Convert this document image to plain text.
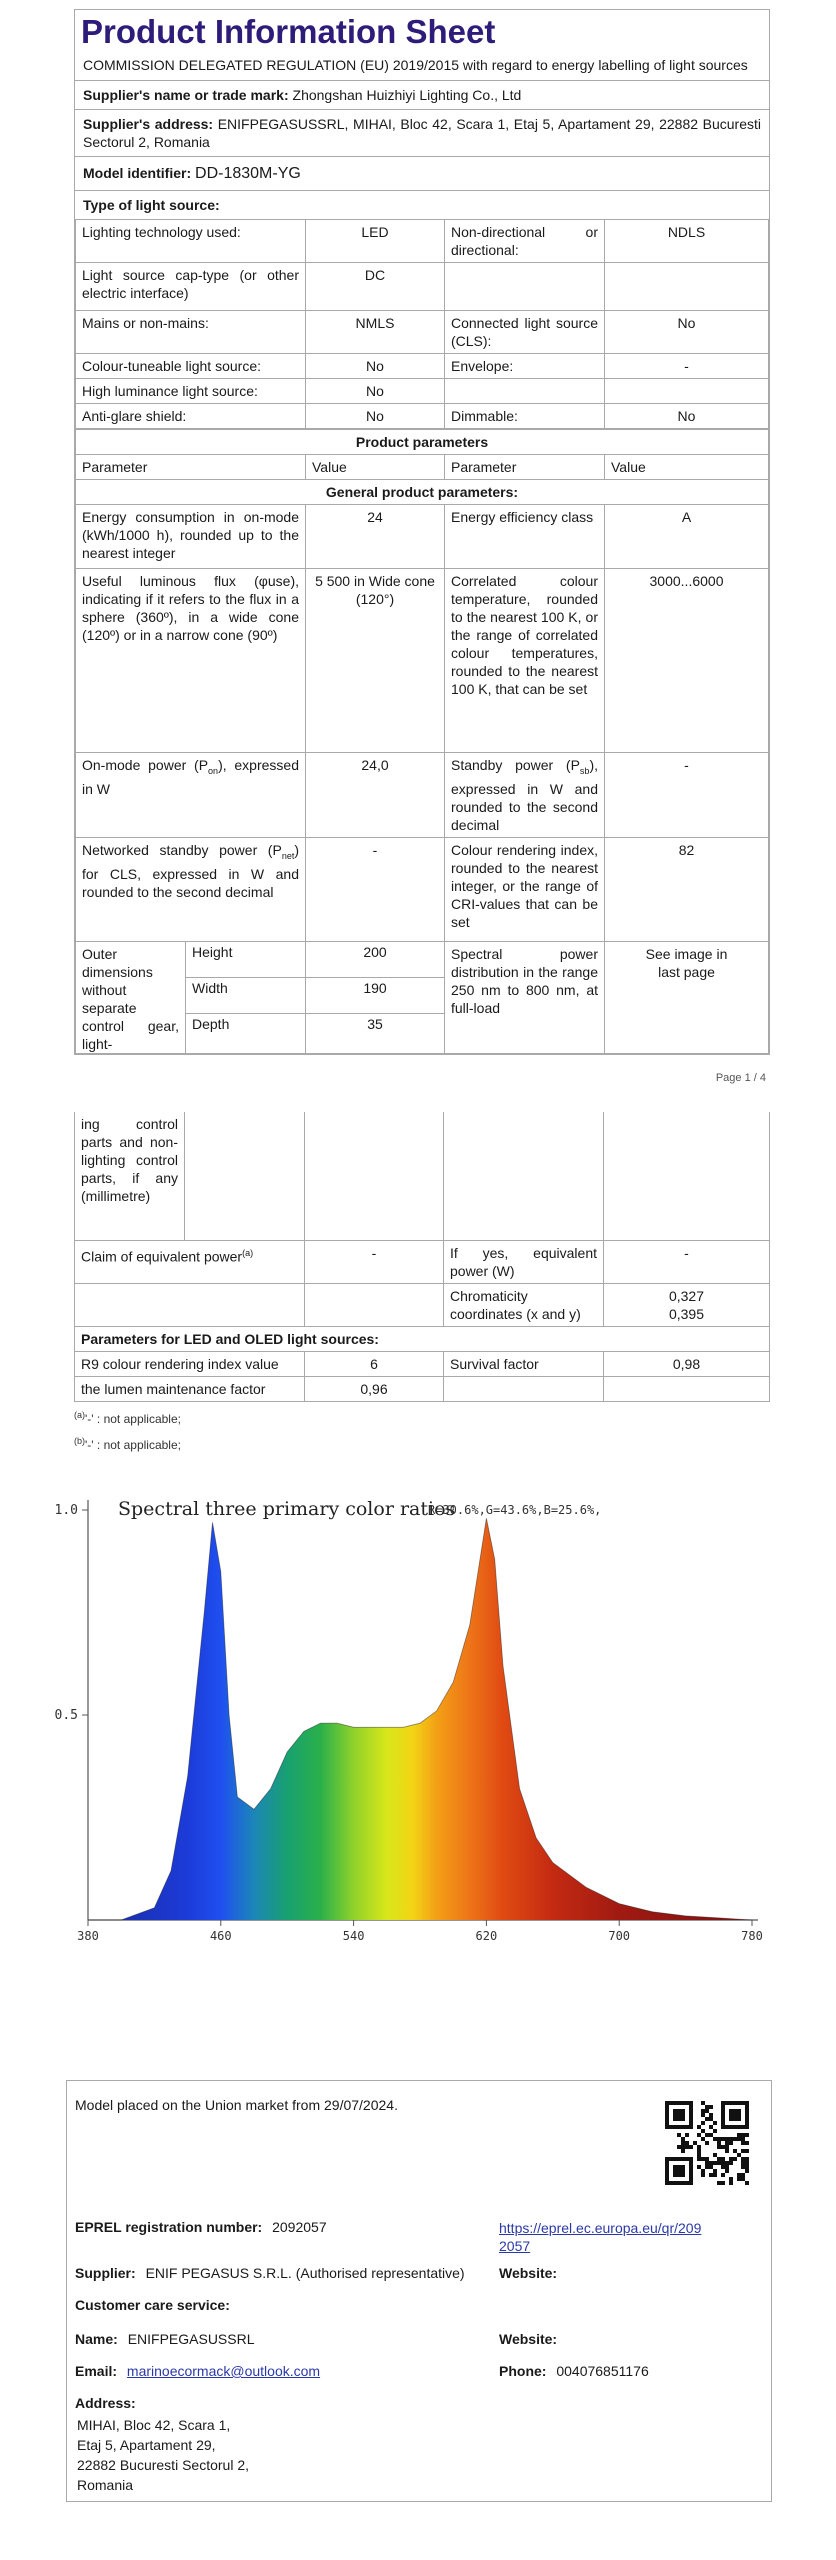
Product Information Sheet
COMMISSION DELEGATED REGULATION (EU) 2019/2015 with regard to energy labelling of light sources
Supplier's name or trade mark: Zhongshan Huizhiyi Lighting Co., Ltd
Supplier's address: ENIFPEGASUSSRL, MIHAI, Bloc 42, Scara 1, Etaj 5, Apartament 29, 22882 Bucuresti Sectorul 2, Romania
Model identifier: DD-1830M-YG
Type of light source:
Lighting technology used:	LED	Non-directional or directional:	NDLS
Light source cap-type (or other electric interface)	DC		
Mains or non-mains:	NMLS	Connected light source (CLS):	No
Colour-tuneable light source:	No	Envelope:	-
High luminance light source:	No		
Anti-glare shield:	No	Dimmable:	No
Product parameters				
Parameter		Value	Parameter	Value
General product parameters:				
Energy consumption in on-mode (kWh/1000 h), rounded up to the nearest integer		24	Energy efficiency class	A
Useful luminous flux (φuse), indicating if it refers to the flux in a sphere (360º), in a wide cone (120º) or in a narrow cone (90º)		5 500 in Wide cone (120°)	Correlated colour temperature, rounded to the nearest 100 K, or the range of correlated colour temperatures, rounded to the nearest 100 K, that can be set	3000...6000
On-mode power $(P_{on})$, expressed in W		24,0	Standby power $(P_{sb})$, expressed in W and rounded to the second decimal	-
Networked standby power $(P_{net})$ for CLS, expressed in W and rounded to the second decimal		-	Colour rendering index, rounded to the nearest integer, or the range of CRI-values that can be set	82
Outer dimensions without separate control gear, light-	Height	200	Spectral power distribution in the range 250 nm to 800 nm, at full-load	See image in last page
	Width	190		
	Depth	35		
Page 1 / 4
ing control parts and non-lighting control parts, if any (millimetre)				
Claim of equivalent power$^{(a)}$		-	If yes, equivalent power (W)	-
			Chromaticity coordinates (x and y)	0,327
0,395

Parameters for LED and OLED light sources:				
R9 colour rendering index value		6	Survival factor	0,98
the lumen maintenance factor		0,96		
$^{(a)}$'-' : not applicable;
$^{(b)}$'-' : not applicable;
1.0
0.5
380	460	540	620	700	780
Spectral three primary color ratios
R=30.6%,G=43.6%,B=25.6%,
Model placed on the Union market from 29/07/2024.
EPREL registration number: 2092057	https://eprel.ec.europa.eu/qr/2092057
Supplier: ENIF PEGASUS S.R.L. (Authorised representative) Website:
Customer care service:
Name: ENIFPEGASUSSRL	Website:
Email: marinoecormack@outlook.com	Phone: 004076851176
Address:
MIHAI, Bloc 42, Scara 1,
Etaj 5, Apartament 29,
22882 Bucuresti Sectorul 2,
Romania
